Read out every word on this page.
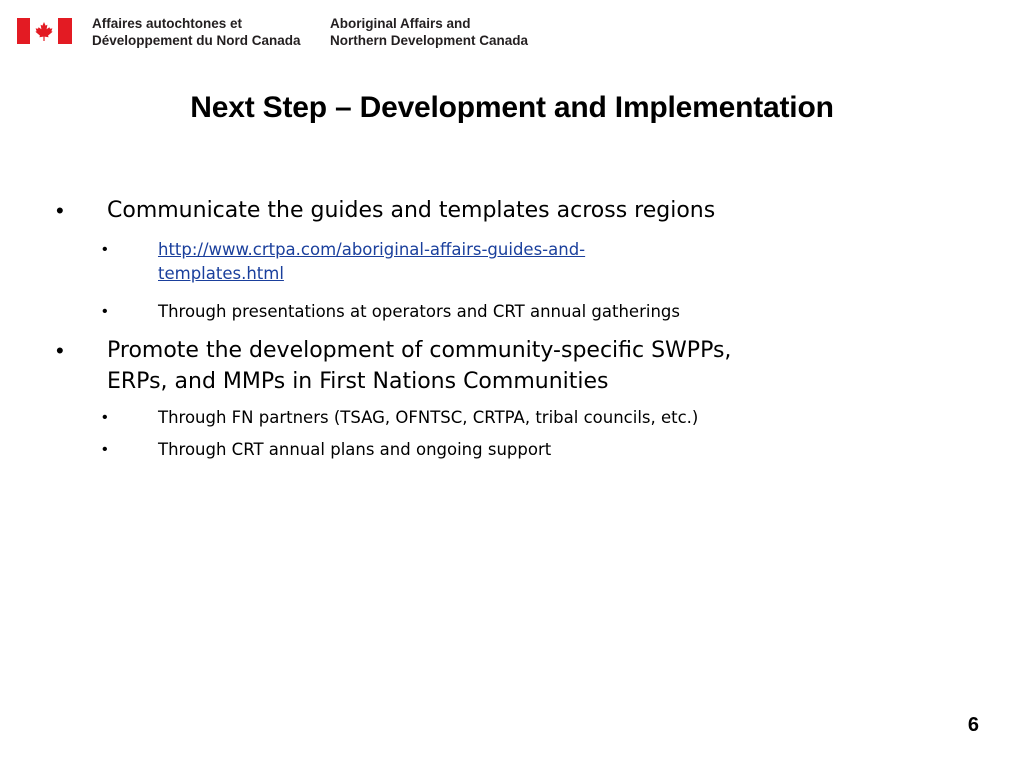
Affaires autochtones et
Développement du Nord Canada
Aboriginal Affairs and
Northern Development Canada
Next Step – Development and Implementation
• Communicate the guides and templates across regions
•	http://www.crtpa.com/aboriginal-affairs-guides-and-
templates.html
•	Through presentations at operators and CRT annual gatherings
• Promote the development of community-specific SWPPs,
ERPs, and MMPs in First Nations Communities
•	Through FN partners (TSAG, OFNTSC, CRTPA, tribal councils, etc.)
•	Through CRT annual plans and ongoing support
6
